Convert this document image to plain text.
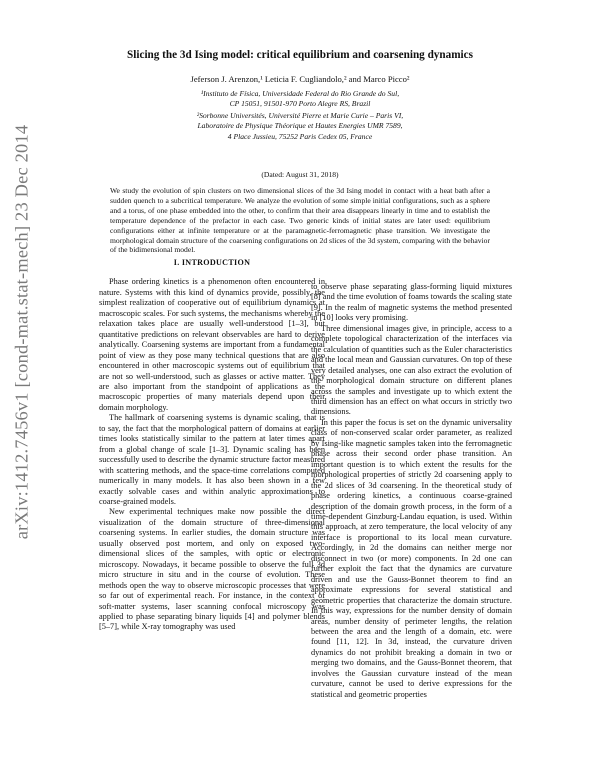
arXiv:1412.7456v1 [cond-mat.stat-mech] 23 Dec 2014
Slicing the 3d Ising model: critical equilibrium and coarsening dynamics
Jeferson J. Arenzon,¹ Leticia F. Cugliandolo,² and Marco Picco²
¹Instituto de Física, Universidade Federal do Rio Grande do Sul,
CP 15051, 91501-970 Porto Alegre RS, Brazil
²Sorbonne Universités, Université Pierre et Marie Curie – Paris VI,
Laboratoire de Physique Théorique et Hautes Energies UMR 7589,
4 Place Jussieu, 75252 Paris Cedex 05, France
(Dated: August 31, 2018)
We study the evolution of spin clusters on two dimensional slices of the 3d Ising model in contact with a heat bath after a sudden quench to a subcritical temperature. We analyze the evolution of some simple initial configurations, such as a sphere and a torus, of one phase embedded into the other, to confirm that their area disappears linearly in time and to establish the temperature dependence of the prefactor in each case. Two generic kinds of initial states are later used: equilibrium configurations either at infinite temperature or at the paramagnetic-ferromagnetic phase transition. We investigate the morphological domain structure of the coarsening configurations on 2d slices of the 3d system, comparing with the behavior of the bidimensional model.
I. INTRODUCTION

Phase ordering kinetics is a phenomenon often encountered in nature. Systems with this kind of dynamics provide, possibly, the simplest realization of cooperative out of equilibrium dynamics at macroscopic scales. For such systems, the mechanisms whereby the relaxation takes place are usually well-understood [1–3], but quantitative predictions on relevant observables are hard to derive analytically. Coarsening systems are important from a fundamental point of view as they pose many technical questions that are also encountered in other macroscopic systems out of equilibrium that are not so well-understood, such as glasses or active matter. They are also important from the standpoint of applications as the macroscopic properties of many materials depend upon their domain morphology.

The hallmark of coarsening systems is dynamic scaling, that is to say, the fact that the morphological pattern of domains at earlier times looks statistically similar to the pattern at later times apart from a global change of scale [1–3]. Dynamic scaling has been successfully used to describe the dynamic structure factor measured with scattering methods, and the space-time correlations computed numerically in many models. It has also been shown in a few exactly solvable cases and within analytic approximations to coarse-grained models.

New experimental techniques make now possible the direct visualization of the domain structure of three-dimensional coarsening systems. In earlier studies, the domain structure was usually observed post mortem, and only on exposed two-dimensional slices of the samples, with optic or electronic microscopy. Nowadays, it became possible to observe the full 3d micro structure in situ and in the course of evolution. These methods open the way to observe microscopic processes that were so far out of experimental reach. For instance, in the context of soft-matter systems, laser scanning confocal microscopy was applied to phase separating binary liquids [4] and polymer blends [5–7], while X-ray tomography was used

to observe phase separating glass-forming liquid mixtures [8] and the time evolution of foams towards the scaling state [9]. In the realm of magnetic systems the method presented in [10] looks very promising.

Three dimensional images give, in principle, access to a complete topological characterization of the interfaces via the calculation of quantities such as the Euler characteristics and the local mean and Gaussian curvatures. On top of these very detailed analyses, one can also extract the evolution of the morphological domain structure on different planes across the samples and investigate up to which extent the third dimension has an effect on what occurs in strictly two dimensions.

In this paper the focus is set on the dynamic universality class of non-conserved scalar order parameter, as realized by Ising-like magnetic samples taken into the ferromagnetic phase across their second order phase transition. An important question is to which extent the results for the morphological properties of strictly 2d coarsening apply to the 2d slices of 3d coarsening. In the theoretical study of phase ordering kinetics, a continuous coarse-grained description of the domain growth process, in the form of a time-dependent Ginzburg-Landau equation, is used. Within this approach, at zero temperature, the local velocity of any interface is proportional to its local mean curvature. Accordingly, in 2d the domains can neither merge nor disconnect in two (or more) components. In 2d one can further exploit the fact that the dynamics are curvature driven and use the Gauss-Bonnet theorem to find an approximate expressions for several statistical and geometric properties that characterize the domain structure. In this way, expressions for the number density of domain areas, number density of perimeter lengths, the relation between the area and the length of a domain, etc. were found [11, 12]. In 3d, instead, the curvature driven dynamics do not prohibit breaking a domain in two or merging two domains, and the Gauss-Bonnet theorem, that involves the Gaussian curvature instead of the mean curvature, cannot be used to derive expressions for the statistical and geometric properties
